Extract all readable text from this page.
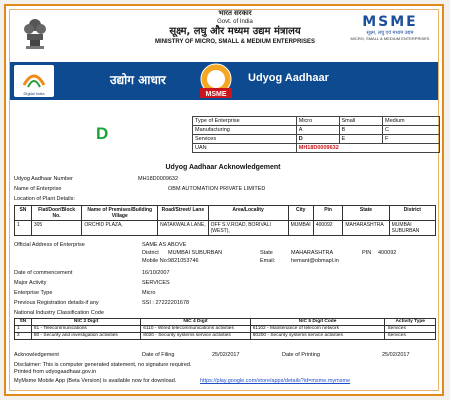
भारत सरकार
Govt. of India
सूक्ष्म, लघु और मध्यम उद्यम मंत्रालय
MINISTRY OF MICRO, SMALL & MEDIUM ENTERPRISES
MSME
सूक्ष्म, लघु एवं मध्यम उद्यम
MICRO, SMALL & MEDIUM ENTERPRISES
Digital India
उद्योग आधार
MSME
Udyog Aadhaar
D
Type of Enterprise	Micro	Small	Medium
Manufacturing	A	B	C
Services	D	E	F
UAN	MH18D0009632		
Udyog Aadhaar Acknowledgement
Udyog Aadhaar Number	MH18D0009632
Name of Enterprise	OBM AUTOMATION PRIVATE LIMITED
Location of Plant Details:
SN	Flat/Door/Block No.	Name of Premises/Building Village	Road/Street/ Lane	Area/Locality	City	Pin	State	District
1	305	ORCHID PLAZA,	NATAKWALA LANE,	OFF S.V.ROAD, BORIVALI (WEST),	MUMBAI	400092	MAHARASHTRA	MUMBAI SUBURBAN
Official Address of Enterprise	SAME AS ABOVE
District MUMBAI SUBURBAN	State	MAHARASHTRA	PIN 400092
Mobile No: 9821053746	Email:	hemant@obmapl.in
Date of commencement	16/10/2007
Major Activity	SERVICES
Enterprise Type	Micro
Previous Registration details-if any	SSI : 27222201678
National Industry Classification Code
SN	NIC 2 Digit	NIC 4 Digit	NIC 5 Digit Code	Activity Type
1	61 - Telecommunications	6110 - Wired telecommunications activities	61102 - Maintenance of telecom network	Services
2	80 - Security and investigation activities	8020 - Security systems service activities	80200 - Security systems service activities	Services
Acknowledgement	Date of Filing	25/02/2017	Date of Printing	25/02/2017
Disclaimer: This is computer generated statement, no signature required.
Printed from udyogaadhaar.gov.in
MyMsme Mobile App (Beta Version) is available now for download.	https://play.google.com/store/apps/details?id=msme.mymsme
